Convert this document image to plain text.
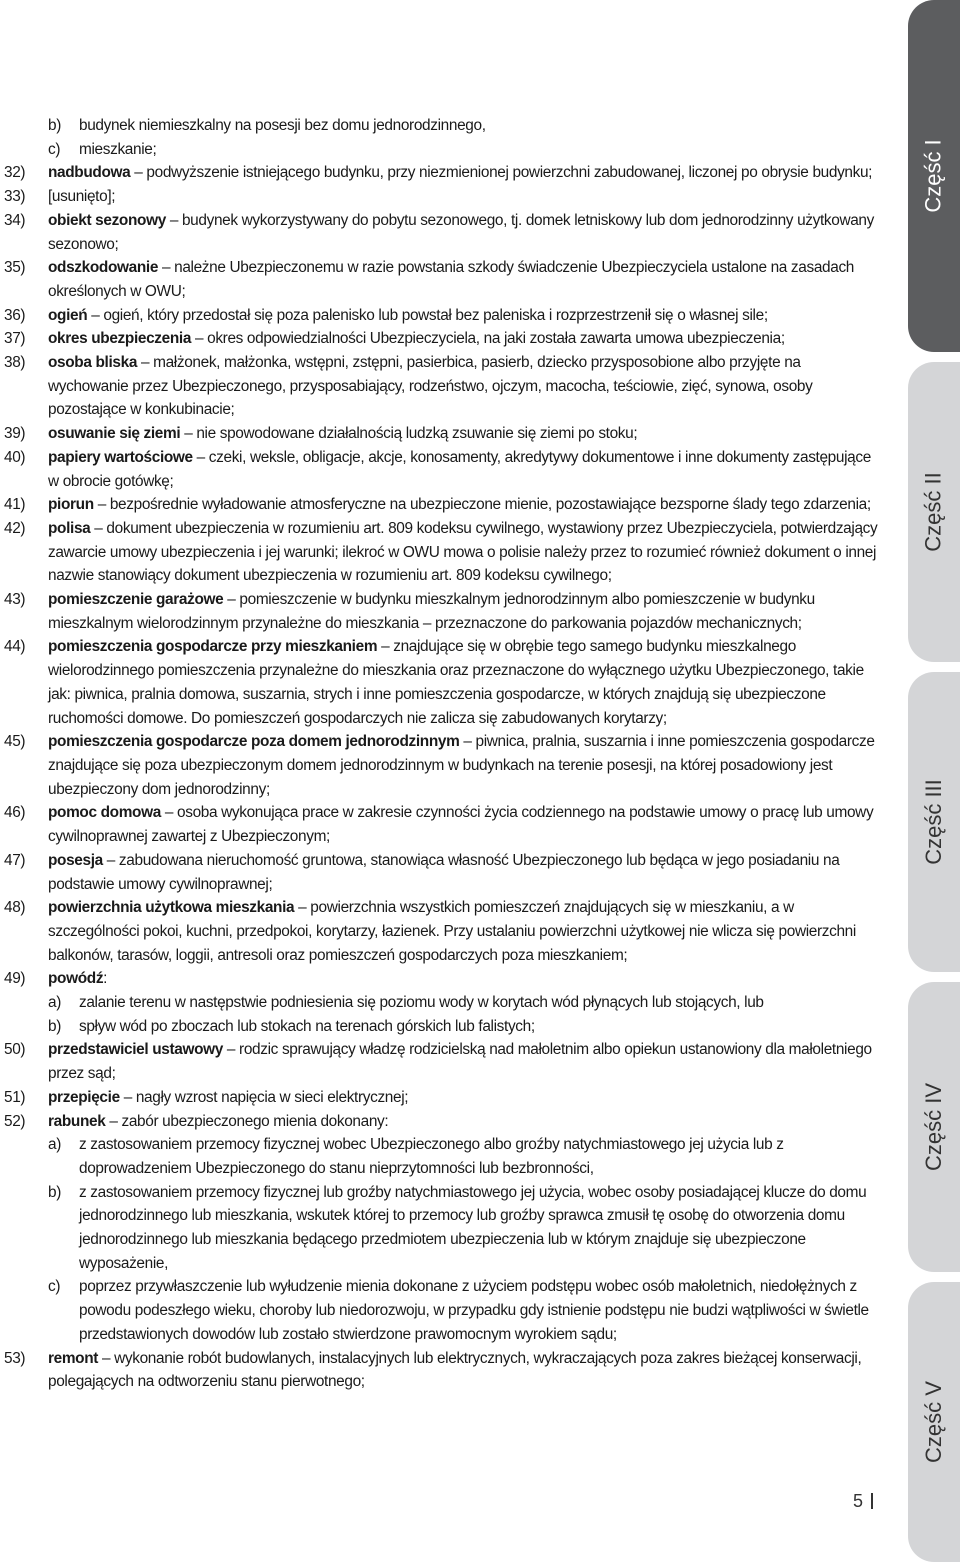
b) budynek niemieszkalny na posesji bez domu jednorodzinnego,
c) mieszkanie;
32) nadbudowa – podwyższenie istniejącego budynku, przy niezmienionej powierzchni zabudowanej, liczonej po obrysie budynku;
33) [usunięto];
34) obiekt sezonowy – budynek wykorzystywany do pobytu sezonowego, tj. domek letniskowy lub dom jednorodzinny użytkowany sezonowo;
35) odszkodowanie – należne Ubezpieczonemu w razie powstania szkody świadczenie Ubezpieczyciela ustalone na zasadach określonych w OWU;
36) ogień – ogień, który przedostał się poza palenisko lub powstał bez paleniska i rozprzestrzenił się o własnej sile;
37) okres ubezpieczenia – okres odpowiedzialności Ubezpieczyciela, na jaki została zawarta umowa ubezpieczenia;
38) osoba bliska – małżonek, małżonka, wstępni, zstępni, pasierbica, pasierb, dziecko przysposobione albo przyjęte na wychowanie przez Ubezpieczonego, przysposabiający, rodzeństwo, ojczym, macocha, teściowie, zięć, synowa, osoby pozostające w konkubinacie;
39) osuwanie się ziemi – nie spowodowane działalnością ludzką zsuwanie się ziemi po stoku;
40) papiery wartościowe – czeki, weksle, obligacje, akcje, konosamenty, akredytywy dokumentowe i inne dokumenty zastępujące w obrocie gotówkę;
41) piorun – bezpośrednie wyładowanie atmosferyczne na ubezpieczone mienie, pozostawiające bezsporne ślady tego zdarzenia;
42) polisa – dokument ubezpieczenia w rozumieniu art. 809 kodeksu cywilnego, wystawiony przez Ubezpieczyciela, potwierdzający zawarcie umowy ubezpieczenia i jej warunki; ilekroć w OWU mowa o polisie należy przez to rozumieć również dokument o innej nazwie stanowiący dokument ubezpieczenia w rozumieniu art. 809 kodeksu cywilnego;
43) pomieszczenie garażowe – pomieszczenie w budynku mieszkalnym jednorodzinnym albo pomieszczenie w budynku mieszkalnym wielorodzinnym przynależne do mieszkania – przeznaczone do parkowania pojazdów mechanicznych;
44) pomieszczenia gospodarcze przy mieszkaniem – znajdujące się w obrębie tego samego budynku mieszkalnego wielorodzinnego pomieszczenia przynależne do mieszkania oraz przeznaczone do wyłącznego użytku Ubezpieczonego, takie jak: piwnica, pralnia domowa, suszarnia, strych i inne pomieszczenia gospodarcze, w których znajdują się ubezpieczone ruchomości domowe. Do pomieszczeń gospodarczych nie zalicza się zabudowanych korytarzy;
45) pomieszczenia gospodarcze poza domem jednorodzinnym – piwnica, pralnia, suszarnia i inne pomieszczenia gospodarcze znajdujące się poza ubezpieczonym domem jednorodzinnym w budynkach na terenie posesji, na której posadowiony jest ubezpieczony dom jednorodzinny;
46) pomoc domowa – osoba wykonująca prace w zakresie czynności życia codziennego na podstawie umowy o pracę lub umowy cywilnoprawnej zawartej z Ubezpieczonym;
47) posesja – zabudowana nieruchomość gruntowa, stanowiąca własność Ubezpieczonego lub będąca w jego posiadaniu na podstawie umowy cywilnoprawnej;
48) powierzchnia użytkowa mieszkania – powierzchnia wszystkich pomieszczeń znajdujących się w mieszkaniu, a w szczególności pokoi, kuchni, przedpokoi, korytarzy, łazienek. Przy ustalaniu powierzchni użytkowej nie wlicza się powierzchni balkonów, tarasów, loggii, antresoli oraz pomieszczeń gospodarczych poza mieszkaniem;
49) powódź:
a) zalanie terenu w następstwie podniesienia się poziomu wody w korytach wód płynących lub stojących, lub
b) spływ wód po zboczach lub stokach na terenach górskich lub falistych;
50) przedstawiciel ustawowy – rodzic sprawujący władzę rodzicielską nad małoletnim albo opiekun ustanowiony dla małoletniego przez sąd;
51) przepięcie – nagły wzrost napięcia w sieci elektrycznej;
52) rabunek – zabór ubezpieczonego mienia dokonany:
a) z zastosowaniem przemocy fizycznej wobec Ubezpieczonego albo groźby natychmiastowego jej użycia lub z doprowadzeniem Ubezpieczonego do stanu nieprzytomności lub bezbronności,
b) z zastosowaniem przemocy fizycznej lub groźby natychmiastowego jej użycia, wobec osoby posiadającej klucze do domu jednorodzinnego lub mieszkania, wskutek której to przemocy lub groźby sprawca zmusił tę osobę do otworzenia domu jednorodzinnego lub mieszkania będącego przedmiotem ubezpieczenia lub w którym znajduje się ubezpieczone wyposażenie,
c) poprzez przywłaszczenie lub wyłudzenie mienia dokonane z użyciem podstępu wobec osób małoletnich, niedołężnych z powodu podeszłego wieku, choroby lub niedorozwoju, w przypadku gdy istnienie podstępu nie budzi wątpliwości w świetle przedstawionych dowodów lub zostało stwierdzone prawomocnym wyrokiem sądu;
53) remont – wykonanie robót budowlanych, instalacyjnych lub elektrycznych, wykraczających poza zakres bieżącej konserwacji, polegających na odtworzeniu stanu pierwotnego;
Część I
Część II
Część III
Część IV
Część V
5
